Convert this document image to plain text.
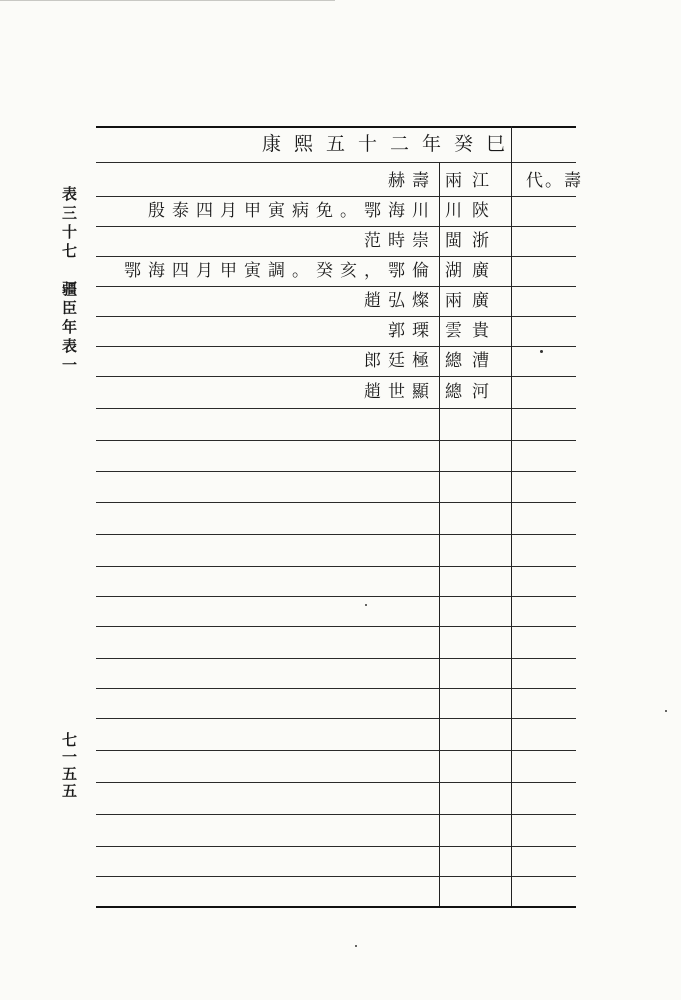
表三十七　疆臣年表一
七一五五
康熙五十二年癸巳
赫壽
殷泰四月甲寅病免。鄂海川
范時崇
鄂海四月甲寅調。癸亥，鄂倫
趙弘燦
郭瑮
郎廷極
趙世顯
兩江
川陝
閩浙
湖廣
兩廣
雲貴
總漕
總河
代。壽
